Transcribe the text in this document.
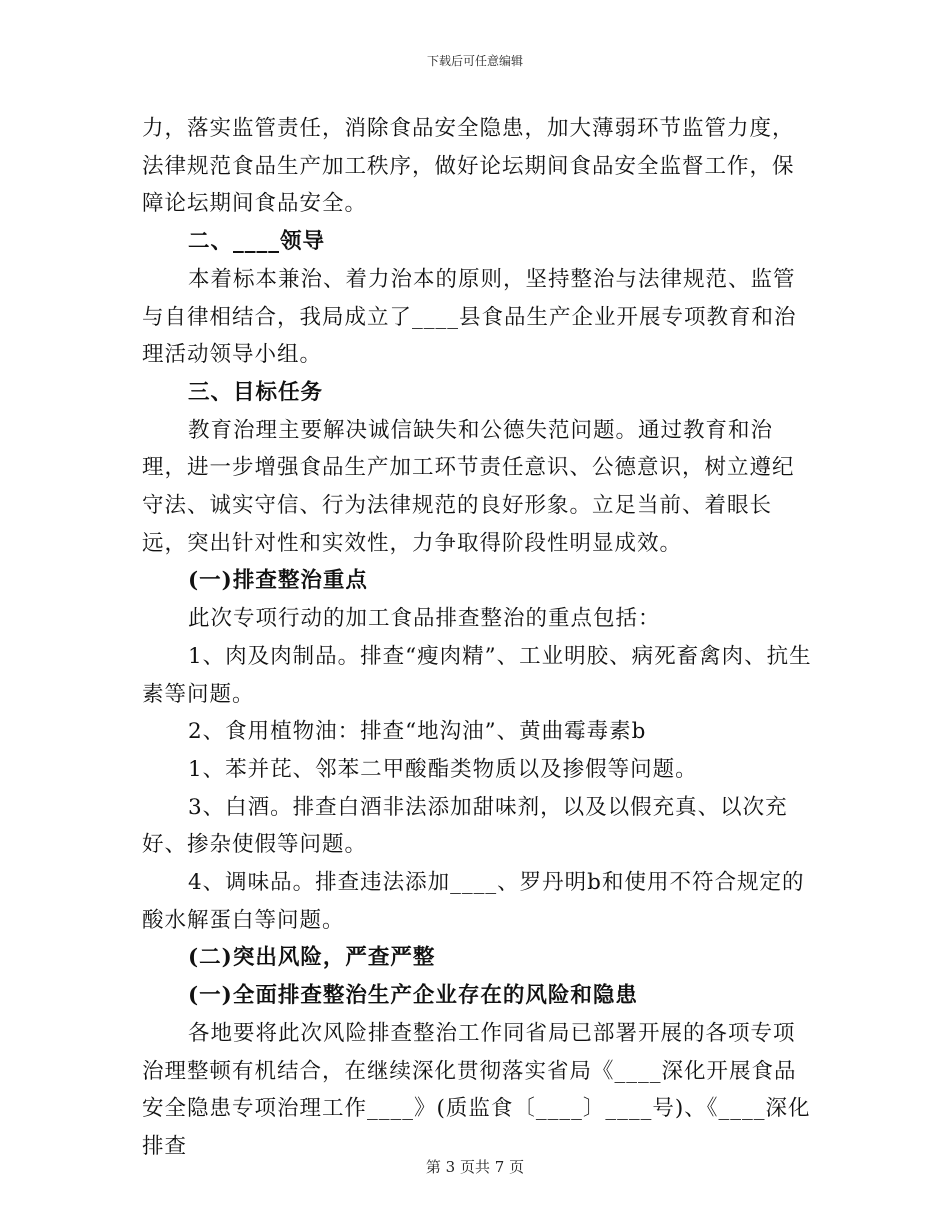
下载后可任意编辑

力，落实监管责任，消除食品安全隐患，加大薄弱环节监管力度，法律规范食品生产加工秩序，做好论坛期间食品安全监督工作，保障论坛期间食品安全。

二、____领导

本着标本兼治、着力治本的原则，坚持整治与法律规范、监管与自律相结合，我局成立了____县食品生产企业开展专项教育和治理活动领导小组。

三、目标任务

教育治理主要解决诚信缺失和公德失范问题。通过教育和治理，进一步增强食品生产加工环节责任意识、公德意识，树立遵纪守法、诚实守信、行为法律规范的良好形象。立足当前、着眼长远，突出针对性和实效性，力争取得阶段性明显成效。

(一)排查整治重点

此次专项行动的加工食品排查整治的重点包括：

1、肉及肉制品。排查“瘦肉精”、工业明胶、病死畜禽肉、抗生素等问题。

2、食用植物油：排查“地沟油”、黄曲霉毒素b

1、苯并芘、邻苯二甲酸酯类物质以及掺假等问题。

3、白酒。排查白酒非法添加甜味剂，以及以假充真、以次充好、掺杂使假等问题。

4、调味品。排查违法添加____、罗丹明b和使用不符合规定的酸水解蛋白等问题。

(二)突出风险，严查严整

(一)全面排查整治生产企业存在的风险和隐患

各地要将此次风险排查整治工作同省局已部署开展的各项专项治理整顿有机结合，在继续深化贯彻落实省局《____深化开展食品安全隐患专项治理工作____》(质监食〔____〕____号)、《____深化排查

第 3 页共 7 页
